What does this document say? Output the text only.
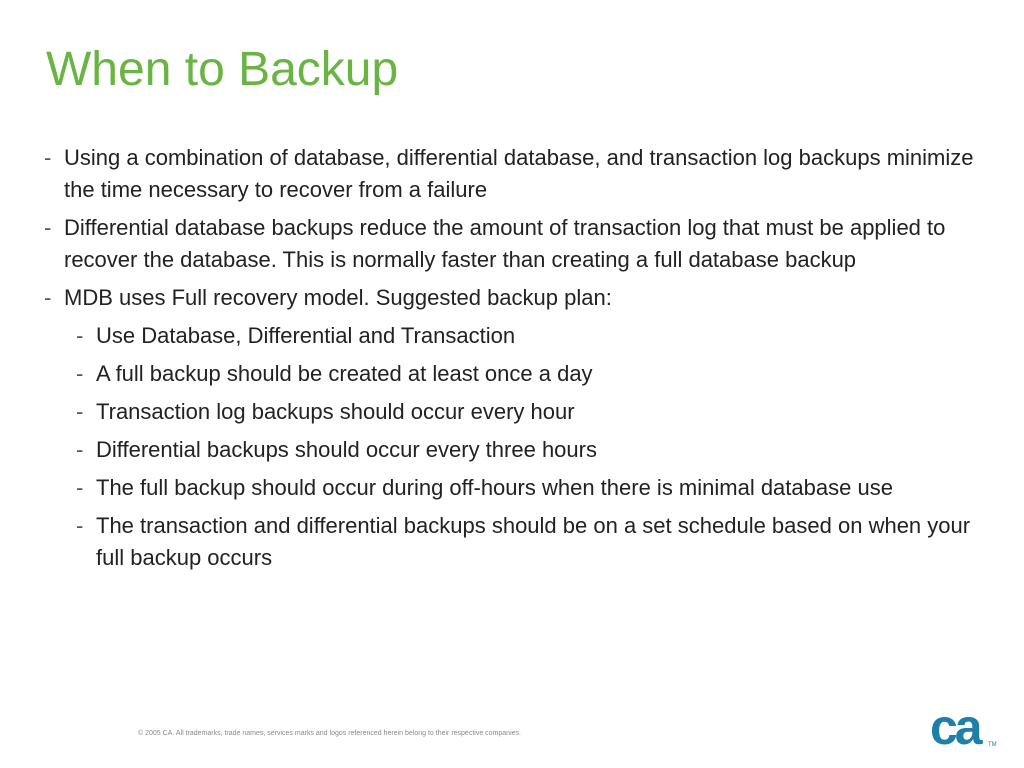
When to Backup
- Using a combination of database, differential database, and transaction log backups minimize the time necessary to recover from a failure
- Differential database backups reduce the amount of transaction log that must be applied to recover the database. This is normally faster than creating a full database backup
- MDB uses Full recovery model. Suggested backup plan:
- Use Database, Differential and Transaction
- A full backup should be created at least once a day
- Transaction log backups should occur every hour
- Differential backups should occur every three hours
- The full backup should occur during off-hours when there is minimal database use
- The transaction and differential backups should be on a set schedule based on when your full backup occurs
© 2005 CA. All trademarks, trade names, services marks and logos referenced herein belong to their respective companies.	ca	TM
